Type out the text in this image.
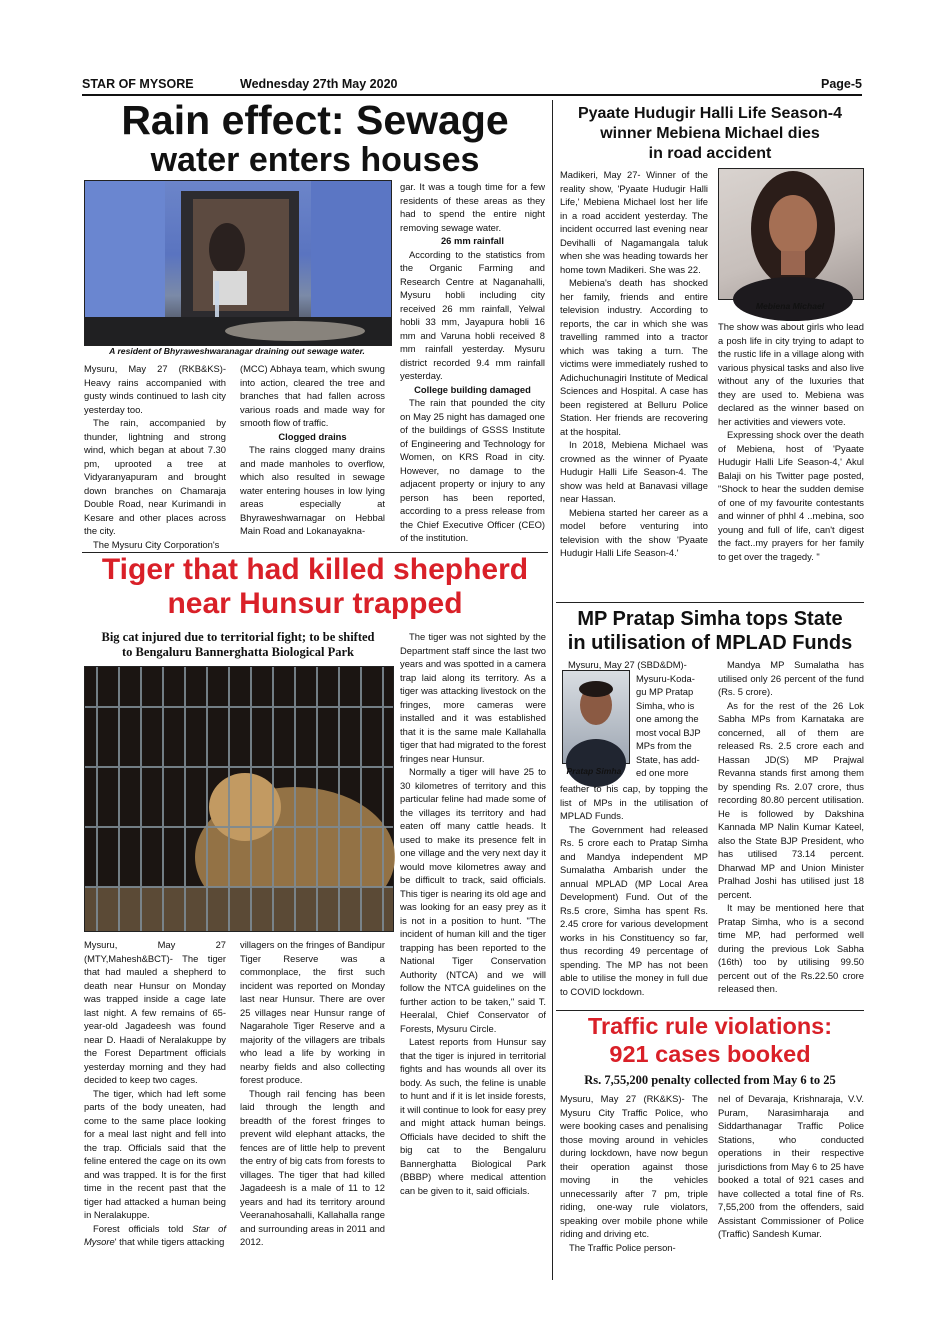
STAR OF MYSORE	Wednesday 27th May 2020	Page-5
Rain effect: Sewage
water enters houses
A resident of Bhyraweshwaranagar draining out sewage water.

Mysuru, May 27 (RKB&KS)- Heavy rains accompanied with gusty winds continued to lash city yesterday too.

The rain, accompanied by thunder, lightning and strong wind, which began at about 7.30 pm, uprooted a tree at Vidyaranyapuram and brought down branches on Chamaraja Double Road, near Kurimandi in Kesare and other places across the city.

The Mysuru City Corporation's

(MCC) Abhaya team, which swung into action, cleared the tree and branches that had fallen across various roads and made way for smooth flow of traffic.

Clogged drains

The rains clogged many drains and made manholes to overflow, which also resulted in sewage water entering houses in low lying areas especially at Bhyraweshwarnagar on Hebbal Main Road and Lokanayakna-

gar. It was a tough time for a few residents of these areas as they had to spend the entire night removing sewage water.

26 mm rainfall

According to the statistics from the Organic Farming and Research Centre at Naganahalli, Mysuru hobli including city received 26 mm rainfall, Yelwal hobli 33 mm, Jayapura hobli 16 mm and Varuna hobli received 8 mm rainfall yesterday. Mysuru district recorded 9.4 mm rainfall yesterday.

College building damaged

The rain that pounded the city on May 25 night has damaged one of the buildings of GSSS Institute of Engineering and Technology for Women, on KRS Road in city. However, no damage to the adjacent property or injury to any person has been reported, according to a press release from the Chief Executive Officer (CEO) of the institution.

Pyaate Hudugir Halli Life Season-4
winner Mebiena Michael dies
in road accident
Mebiena Michael

Madikeri, May 27- Winner of the reality show, 'Pyaate Hudugir Halli Life,' Mebiena Michael lost her life in a road accident yesterday. The incident occurred last evening near Devihalli of Nagamangala taluk when she was heading towards her home town Madikeri. She was 22.

Mebiena's death has shocked her family, friends and entire television industry. According to reports, the car in which she was travelling rammed into a tractor which was taking a turn. The victims were immediately rushed to Adichuchunagiri Institute of Medical Sciences and Hospital. A case has been registered at Belluru Police Station. Her friends are recovering at the hospital.

In 2018, Mebiena Michael was crowned as the winner of Pyaate Hudugir Halli Life Season-4. The show was held at Banavasi village near Hassan.

Mebiena started her career as a model before venturing into television with the show 'Pyaate Hudugir Halli Life Season-4.'

The show was about girls who lead a posh life in city trying to adapt to the rustic life in a village along with various physical tasks and also live without any of the luxuries that they are used to. Mebiena was declared as the winner based on her activities and viewers vote.

Expressing shock over the death of Mebiena, host of 'Pyaate Hudugir Halli Life Season-4,' Akul Balaji on his Twitter page posted, "Shock to hear the sudden demise of one of my favourite contestants and winner of phhl 4 ..mebina, soo young and full of life, can't digest the fact..my prayers for her family to get over the tragedy. "

Tiger that had killed shepherd
near Hunsur trapped
Big cat injured due to territorial fight; to be shifted
to Bengaluru Bannerghatta Biological Park

Mysuru, May 27 (MTY,Mahesh&BCT)- The tiger that had mauled a shepherd to death near Hunsur on Monday was trapped inside a cage late last night. A few remains of 65-year-old Jagadeesh was found near D. Haadi of Neralakuppe by the Forest Department officials yesterday morning and they had decided to keep two cages.

The tiger, which had left some parts of the body uneaten, had come to the same place looking for a meal last night and fell into the trap. Officials said that the feline entered the cage on its own and was trapped. It is for the first time in the recent past that the tiger had attacked a human being in Neralakuppe.

Forest officials told Star of Mysore' that while tigers attacking

villagers on the fringes of Bandipur Tiger Reserve was a commonplace, the first such incident was reported on Monday last near Hunsur. There are over 25 villages near Hunsur range of Nagarahole Tiger Reserve and a majority of the villagers are tribals who lead a life by working in nearby fields and also collecting forest produce.

Though rail fencing has been laid through the length and breadth of the forest fringes to prevent wild elephant attacks, the fences are of little help to prevent the entry of big cats from forests to villages. The tiger that had killed Jagadeesh is a male of 11 to 12 years and had its territory around Veeranahosahalli, Kallahalla range and surrounding areas in 2011 and 2012.

The tiger was not sighted by the Department staff since the last two years and was spotted in a camera trap laid along its territory. As a tiger was attacking livestock on the fringes, more cameras were installed and it was established that it is the same male Kallahalla tiger that had migrated to the forest fringes near Hunsur.

Normally a tiger will have 25 to 30 kilometres of territory and this particular feline had made some of the villages its territory and had eaten off many cattle heads. It used to make its presence felt in one village and the very next day it would move kilometres away and be difficult to track, said officials. This tiger is nearing its old age and was looking for an easy prey as it is not in a position to hunt. "The incident of human kill and the tiger trapping has been reported to the National Tiger Conservation Authority (NTCA) and we will follow the NTCA guidelines on the further action to be taken," said T. Heeralal, Chief Conservator of Forests, Mysuru Circle.

Latest reports from Hunsur say that the tiger is injured in territorial fights and has wounds all over its body. As such, the feline is unable to hunt and if it is let inside forests, it will continue to look for easy prey and might attack human beings. Officials have decided to shift the big cat to the Bengaluru Bannerghatta Biological Park (BBBP) where medical attention can be given to it, said officials.

MP Pratap Simha tops State
in utilisation of MPLAD Funds
Pratap Simha
Mysuru, May 27 (SBD&DM)-
Mysuru-Koda-
gu MP Pratap
Simha, who is
one among the
most vocal BJP
MPs from the
State, has add-
ed one more

feather to his cap, by topping the list of MPs in the utilisation of MPLAD Funds.

The Government had released Rs. 5 crore each to Pratap Simha and Mandya independent MP Sumalatha Ambarish under the annual MPLAD (MP Local Area Development) Fund. Out of the Rs.5 crore, Simha has spent Rs. 2.45 crore for various development works in his Constituency so far, thus recording 49 percentage of spending. The MP has not been able to utilise the money in full due to COVID lockdown.

Mandya MP Sumalatha has utilised only 26 percent of the fund (Rs. 5 crore).

As for the rest of the 26 Lok Sabha MPs from Karnataka are concerned, all of them are released Rs. 2.5 crore each and Hassan JD(S) MP Prajwal Revanna stands first among them by spending Rs. 2.07 crore, thus recording 80.80 percent utilisation. He is followed by Dakshina Kannada MP Nalin Kumar Kateel, also the State BJP President, who has utilised 73.14 percent. Dharwad MP and Union Minister Pralhad Joshi has utilised just 18 percent.

It may be mentioned here that Pratap Simha, who is a second time MP, had performed well during the previous Lok Sabha (16th) too by utilising 99.50 percent out of the Rs.22.50 crore released then.

Traffic rule violations:
921 cases booked
Rs. 7,55,200 penalty collected from May 6 to 25

Mysuru, May 27 (RK&KS)- The Mysuru City Traffic Police, who were booking cases and penalising those moving around in vehicles during lockdown, have now begun their operation against those moving in the vehicles unnecessarily after 7 pm, triple riding, one-way rule violators, speaking over mobile phone while riding and driving etc.

The Traffic Police person-

nel of Devaraja, Krishnaraja, V.V. Puram, Narasimharaja and Siddarthanagar Traffic Police Stations, who conducted operations in their respective jurisdictions from May 6 to 25 have booked a total of 921 cases and have collected a total fine of Rs. 7,55,200 from the offenders, said Assistant Commissioner of Police (Traffic) Sandesh Kumar.
